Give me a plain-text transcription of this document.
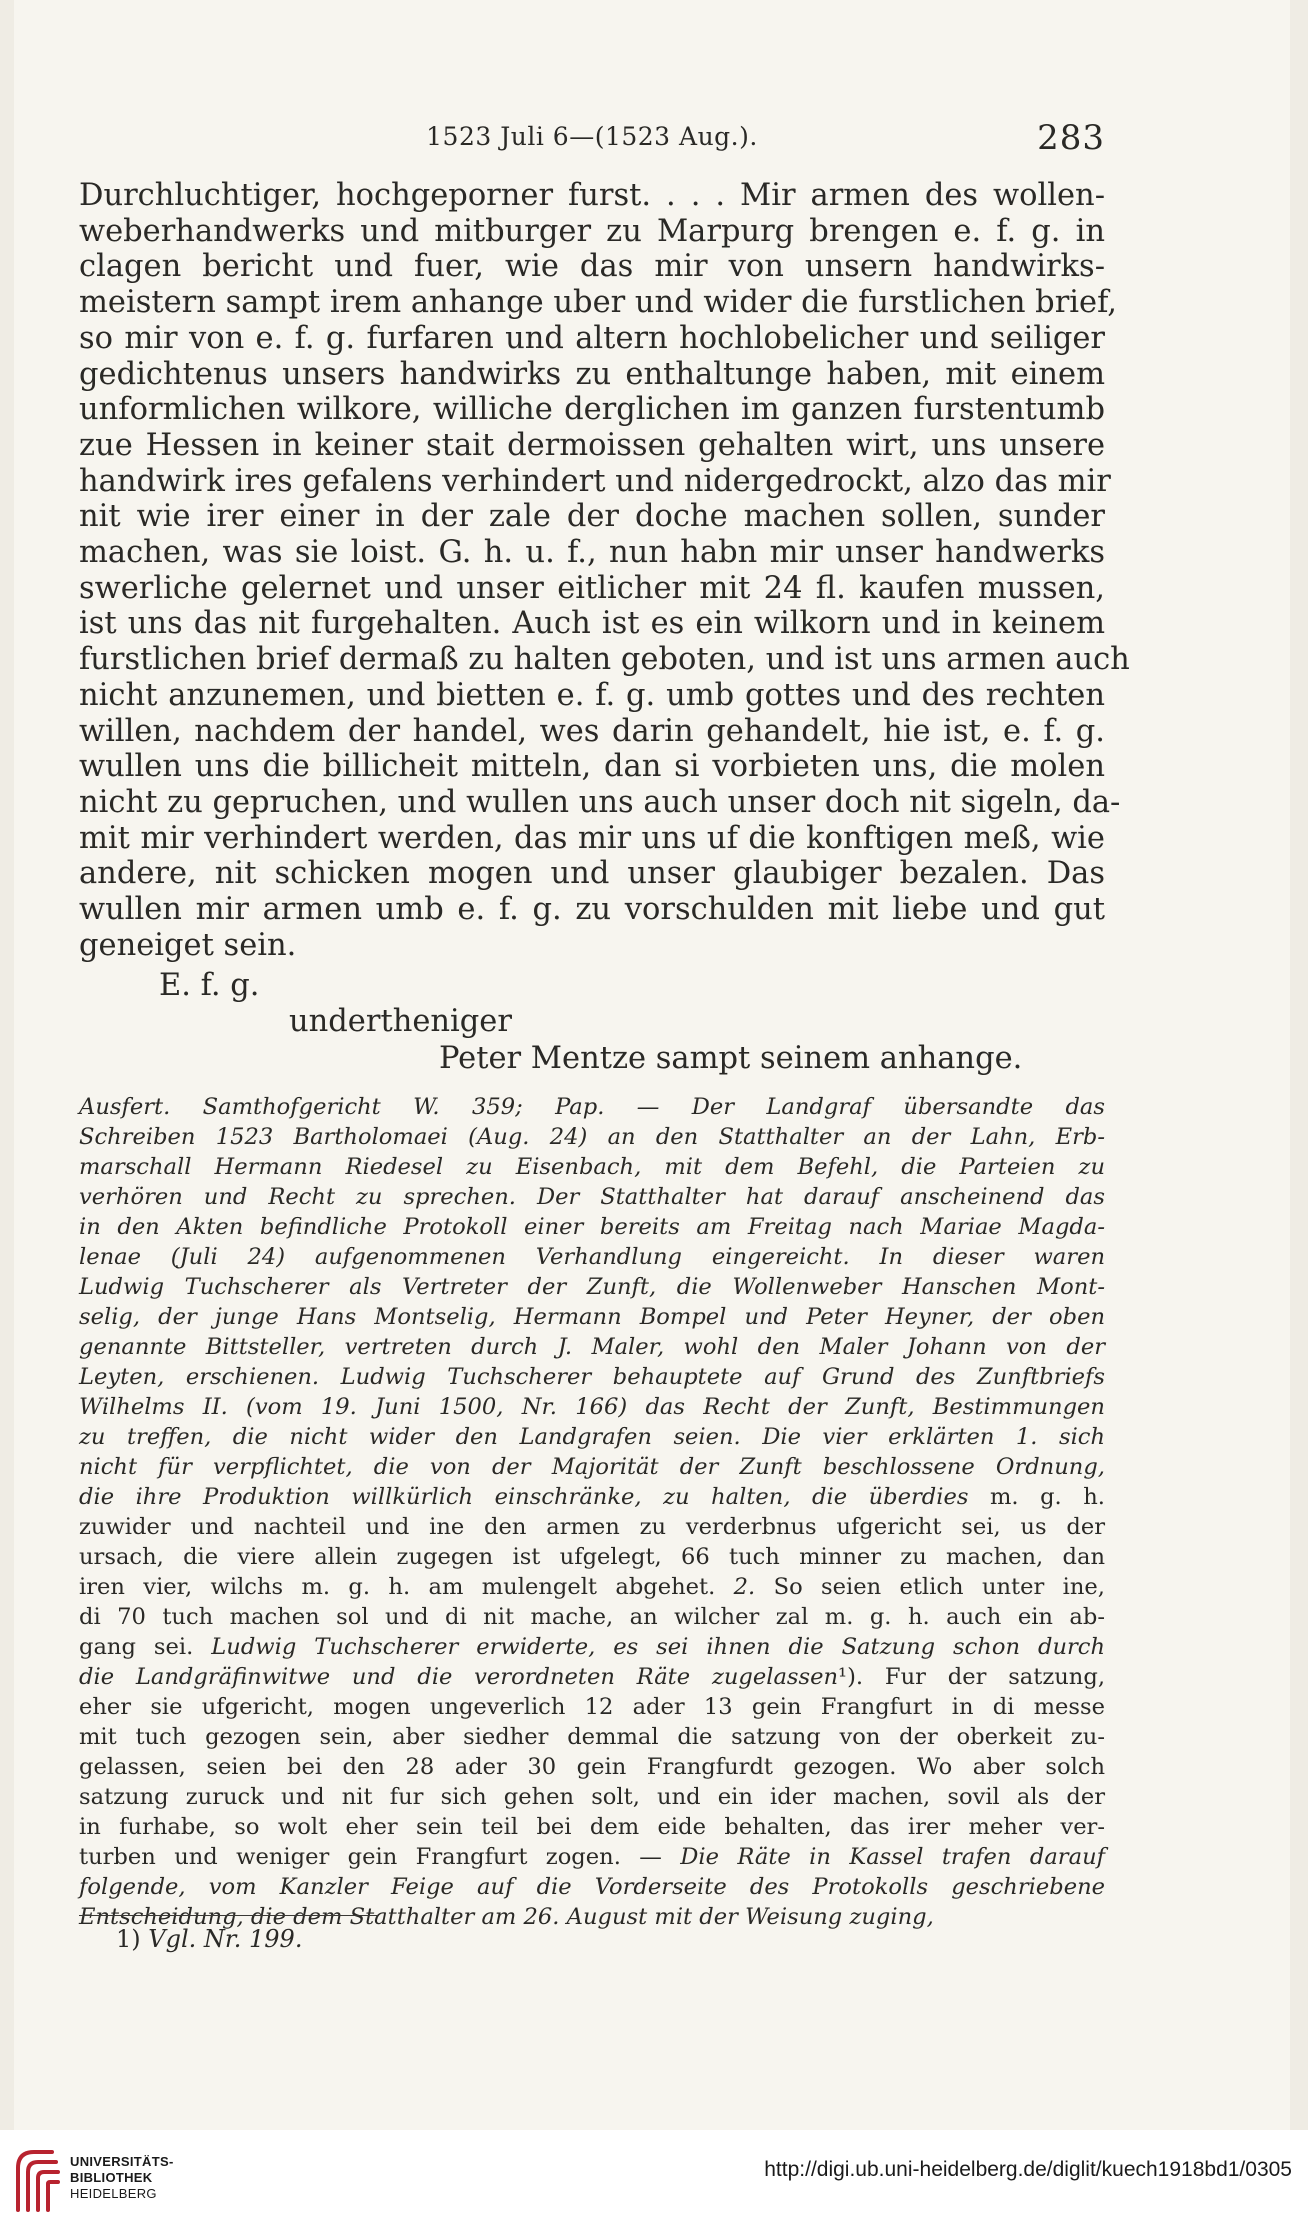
1523 Juli 6—(1523 Aug.).	283
Durchluchtiger, hochgeporner furst. . . . Mir armen des wollen-
weberhandwerks und mitburger zu Marpurg brengen e. f. g. in
clagen bericht und fuer, wie das mir von unsern handwirks-
meistern sampt irem anhange uber und wider die furstlichen brief,
so mir von e. f. g. furfaren und altern hochlobelicher und seiliger
gedichtenus unsers handwirks zu enthaltunge haben, mit einem
unformlichen wilkore, williche derglichen im ganzen furstentumb
zue Hessen in keiner stait dermoissen gehalten wirt, uns unsere
handwirk ires gefalens verhindert und nidergedrockt, alzo das mir
nit wie irer einer in der zale der doche machen sollen, sunder
machen, was sie loist. G. h. u. f., nun habn mir unser handwerks
swerliche gelernet und unser eitlicher mit 24 fl. kaufen mussen,
ist uns das nit furgehalten. Auch ist es ein wilkorn und in keinem
furstlichen brief dermaß zu halten geboten, und ist uns armen auch
nicht anzunemen, und bietten e. f. g. umb gottes und des rechten
willen, nachdem der handel, wes darin gehandelt, hie ist, e. f. g.
wullen uns die billicheit mitteln, dan si vorbieten uns, die molen
nicht zu gepruchen, und wullen uns auch unser doch nit sigeln, da-
mit mir verhindert werden, das mir uns uf die konftigen meß, wie
andere, nit schicken mogen und unser glaubiger bezalen. Das
wullen mir armen umb e. f. g. zu vorschulden mit liebe und gut
geneiget sein.
E. f. g.
undertheniger
Peter Mentze sampt seinem anhange.
Ausfert. Samthofgericht W. 359; Pap. — Der Landgraf übersandte das
Schreiben 1523 Bartholomaei (Aug. 24) an den Statthalter an der Lahn, Erb-
marschall Hermann Riedesel zu Eisenbach, mit dem Befehl, die Parteien zu
verhören und Recht zu sprechen. Der Statthalter hat darauf anscheinend das
in den Akten befindliche Protokoll einer bereits am Freitag nach Mariae Magda-
lenae (Juli 24) aufgenommenen Verhandlung eingereicht. In dieser waren
Ludwig Tuchscherer als Vertreter der Zunft, die Wollenweber Hanschen Mont-
selig, der junge Hans Montselig, Hermann Bompel und Peter Heyner, der oben
genannte Bittsteller, vertreten durch J. Maler, wohl den Maler Johann von der
Leyten, erschienen. Ludwig Tuchscherer behauptete auf Grund des Zunftbriefs
Wilhelms II. (vom 19. Juni 1500, Nr. 166) das Recht der Zunft, Bestimmungen
zu treffen, die nicht wider den Landgrafen seien. Die vier erklärten 1. sich
nicht für verpflichtet, die von der Majorität der Zunft beschlossene Ordnung,
die ihre Produktion willkürlich einschränke, zu halten, die überdies m. g. h.
zuwider und nachteil und ine den armen zu verderbnus ufgericht sei, us der
ursach, die viere allein zugegen ist ufgelegt, 66 tuch minner zu machen, dan
iren vier, wilchs m. g. h. am mulengelt abgehet. 2. So seien etlich unter ine,
di 70 tuch machen sol und di nit mache, an wilcher zal m. g. h. auch ein ab-
gang sei. Ludwig Tuchscherer erwiderte, es sei ihnen die Satzung schon durch
die Landgräfinwitwe und die verordneten Räte zugelassen¹). Fur der satzung,
eher sie ufgericht, mogen ungeverlich 12 ader 13 gein Frangfurt in di messe
mit tuch gezogen sein, aber siedher demmal die satzung von der oberkeit zu-
gelassen, seien bei den 28 ader 30 gein Frangfurdt gezogen. Wo aber solch
satzung zuruck und nit fur sich gehen solt, und ein ider machen, sovil als der
in furhabe, so wolt eher sein teil bei dem eide behalten, das irer meher ver-
turben und weniger gein Frangfurt zogen. — Die Räte in Kassel trafen darauf
folgende, vom Kanzler Feige auf die Vorderseite des Protokolls geschriebene
Entscheidung, die dem Statthalter am 26. August mit der Weisung zuging,
1) Vgl. Nr. 199.
UNIVERSITÄTS-
BIBLIOTHEK
HEIDELBERG
http://digi.ub.uni-heidelberg.de/diglit/kuech1918bd1/0305
